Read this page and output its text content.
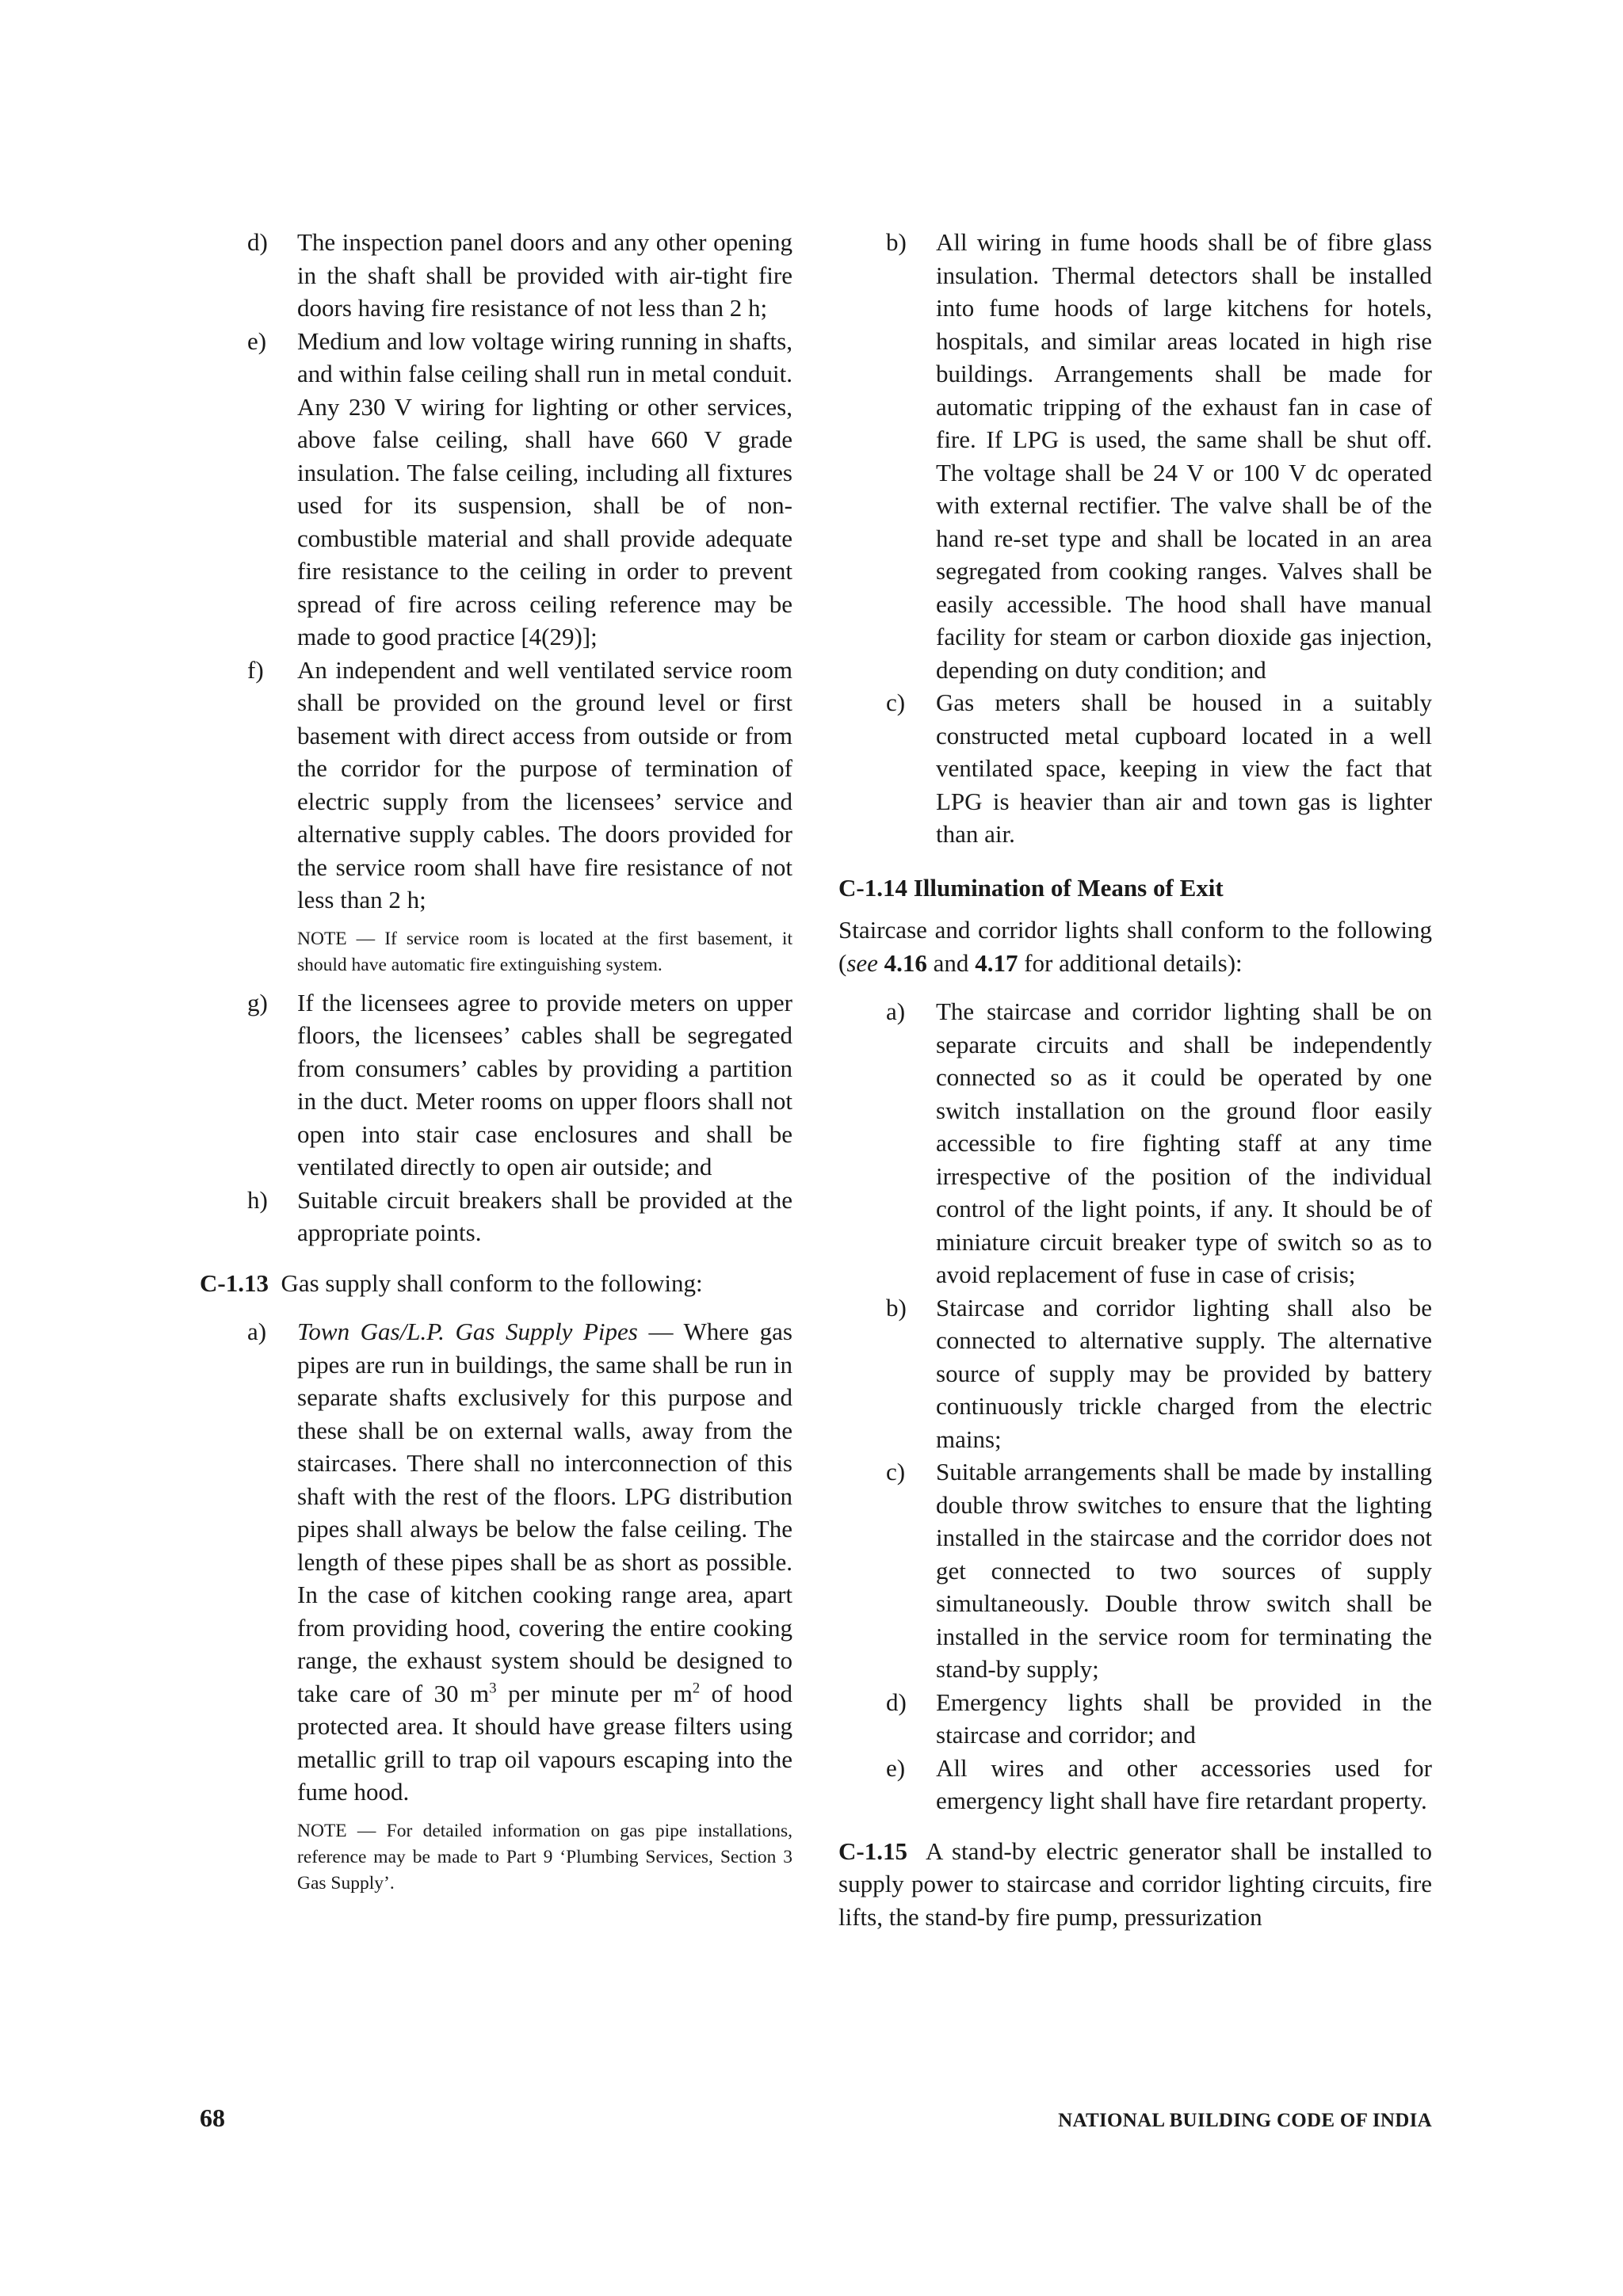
d)	The inspection panel doors and any other opening in the shaft shall be provided with air-tight fire doors having fire resistance of not less than 2 h;
e)	Medium and low voltage wiring running in shafts, and within false ceiling shall run in metal conduit. Any 230 V wiring for lighting or other services, above false ceiling, shall have 660 V grade insulation. The false ceiling, including all fixtures used for its suspension, shall be of non-combustible material and shall provide adequate fire resistance to the ceiling in order to prevent spread of fire across ceiling reference may be made to good practice [4(29)];
f)	An independent and well ventilated service room shall be provided on the ground level or first basement with direct access from outside or from the corridor for the purpose of termination of electric supply from the licensees’ service and alternative supply cables. The doors provided for the service room shall have fire resistance of not less than 2 h;
NOTE — If service room is located at the first basement, it should have automatic fire extinguishing system.
g)	If the licensees agree to provide meters on upper floors, the licensees’ cables shall be segregated from consumers’ cables by providing a partition in the duct. Meter rooms on upper floors shall not open into stair case enclosures and shall be ventilated directly to open air outside; and
h)	Suitable circuit breakers shall be provided at the appropriate points.
C-1.13 Gas supply shall conform to the following:
a)	Town Gas/L.P. Gas Supply Pipes — Where gas pipes are run in buildings, the same shall be run in separate shafts exclusively for this purpose and these shall be on external walls, away from the staircases. There shall no interconnection of this shaft with the rest of the floors. LPG distribution pipes shall always be below the false ceiling. The length of these pipes shall be as short as possible. In the case of kitchen cooking range area, apart from providing hood, covering the entire cooking range, the exhaust system should be designed to take care of 30 $m^3$ per minute per $m^2$ of hood protected area. It should have grease filters using metallic grill to trap oil vapours escaping into the fume hood.
NOTE — For detailed information on gas pipe installations, reference may be made to Part 9 ‘Plumbing Services, Section 3 Gas Supply’.
b)	All wiring in fume hoods shall be of fibre glass insulation. Thermal detectors shall be installed into fume hoods of large kitchens for hotels, hospitals, and similar areas located in high rise buildings. Arrangements shall be made for automatic tripping of the exhaust fan in case of fire. If LPG is used, the same shall be shut off. The voltage shall be 24 V or 100 V dc operated with external rectifier. The valve shall be of the hand re-set type and shall be located in an area segregated from cooking ranges. Valves shall be easily accessible. The hood shall have manual facility for steam or carbon dioxide gas injection, depending on duty condition; and
c)	Gas meters shall be housed in a suitably constructed metal cupboard located in a well ventilated space, keeping in view the fact that LPG is heavier than air and town gas is lighter than air.
C-1.14 Illumination of Means of Exit
Staircase and corridor lights shall conform to the following (see 4.16 and 4.17 for additional details):
a)	The staircase and corridor lighting shall be on separate circuits and shall be independently connected so as it could be operated by one switch installation on the ground floor easily accessible to fire fighting staff at any time irrespective of the position of the individual control of the light points, if any. It should be of miniature circuit breaker type of switch so as to avoid replacement of fuse in case of crisis;
b)	Staircase and corridor lighting shall also be connected to alternative supply. The alternative source of supply may be provided by battery continuously trickle charged from the electric mains;
c)	Suitable arrangements shall be made by installing double throw switches to ensure that the lighting installed in the staircase and the corridor does not get connected to two sources of supply simultaneously. Double throw switch shall be installed in the service room for terminating the stand-by supply;
d)	Emergency lights shall be provided in the staircase and corridor; and
e)	All wires and other accessories used for emergency light shall have fire retardant property.
C-1.15 A stand-by electric generator shall be installed to supply power to staircase and corridor lighting circuits, fire lifts, the stand-by fire pump, pressurization
68	NATIONAL BUILDING CODE OF INDIA
